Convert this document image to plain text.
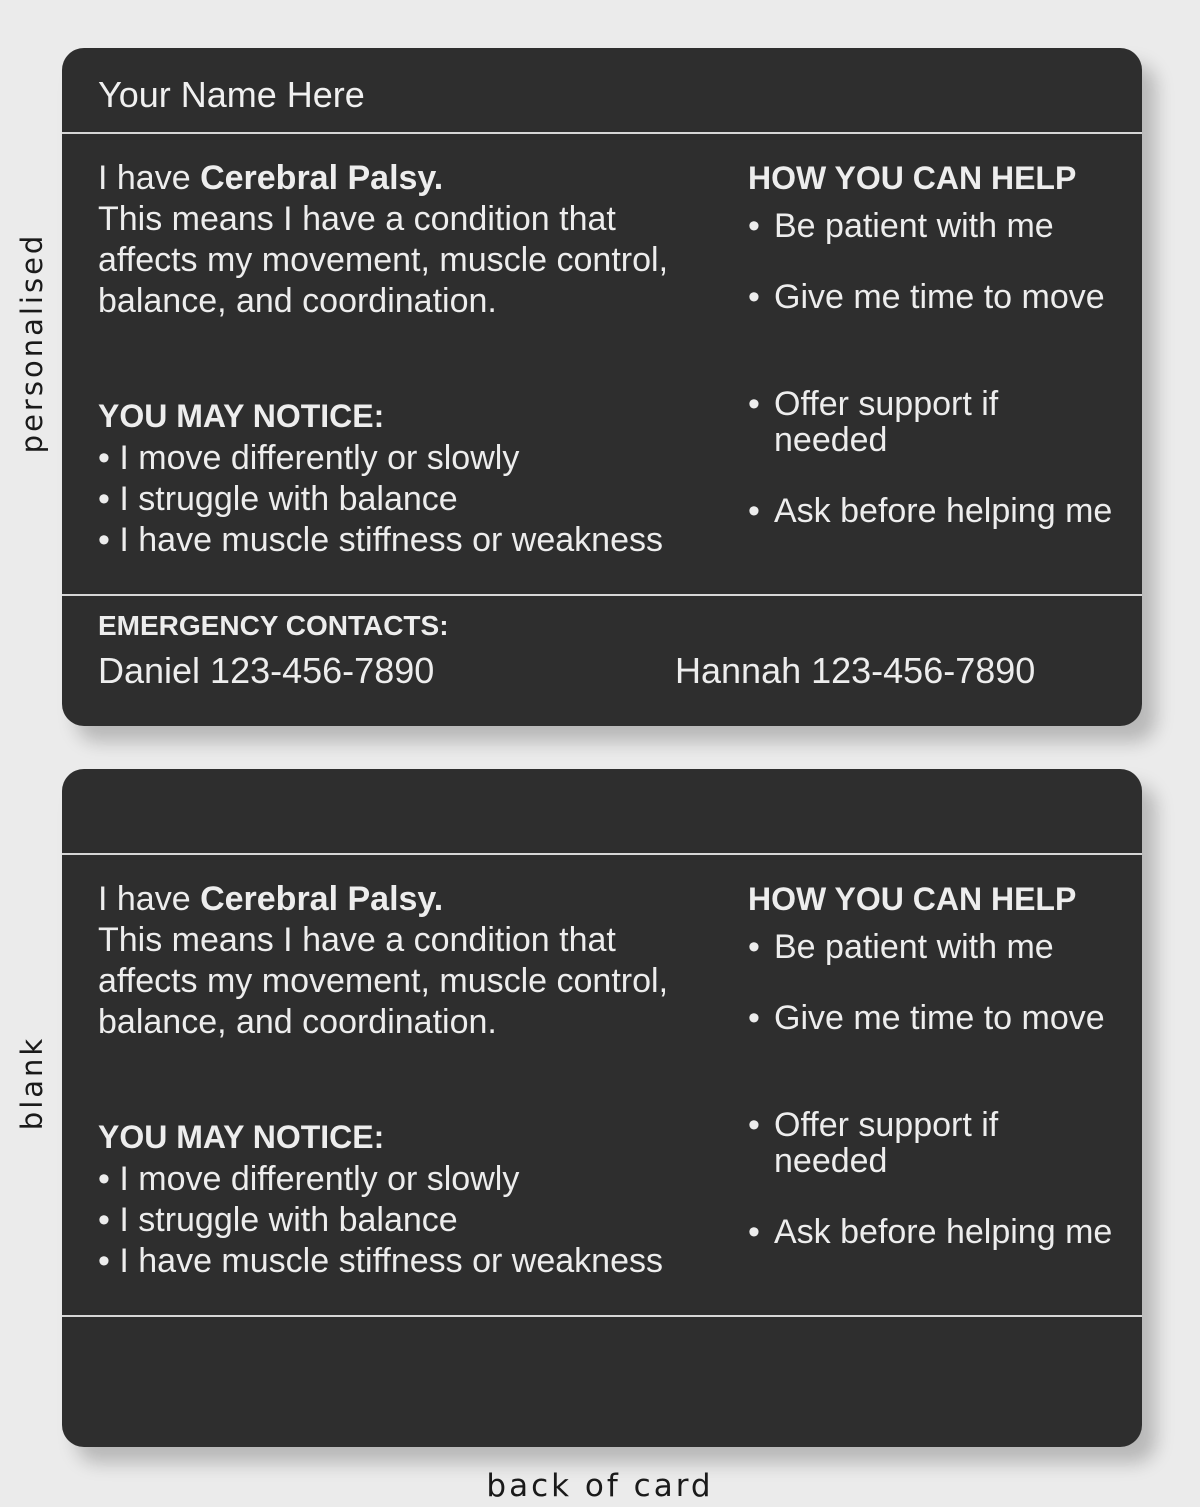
personalised
blank
Your Name Here
I have Cerebral Palsy.
This means I have a condition that affects my movement, muscle control, balance, and coordination.
YOU MAY NOTICE:
• I move differently or slowly
• I struggle with balance
• I have muscle stiffness or weakness
HOW YOU CAN HELP
• Be patient with me
• Give me time to move
• Offer support if needed
• Ask before helping me
EMERGENCY CONTACTS:
Daniel 123-456-7890	Hannah 123-456-7890
I have Cerebral Palsy.
This means I have a condition that affects my movement, muscle control, balance, and coordination.
YOU MAY NOTICE:
• I move differently or slowly
• I struggle with balance
• I have muscle stiffness or weakness
HOW YOU CAN HELP
• Be patient with me
• Give me time to move
• Offer support if needed
• Ask before helping me
back of card
